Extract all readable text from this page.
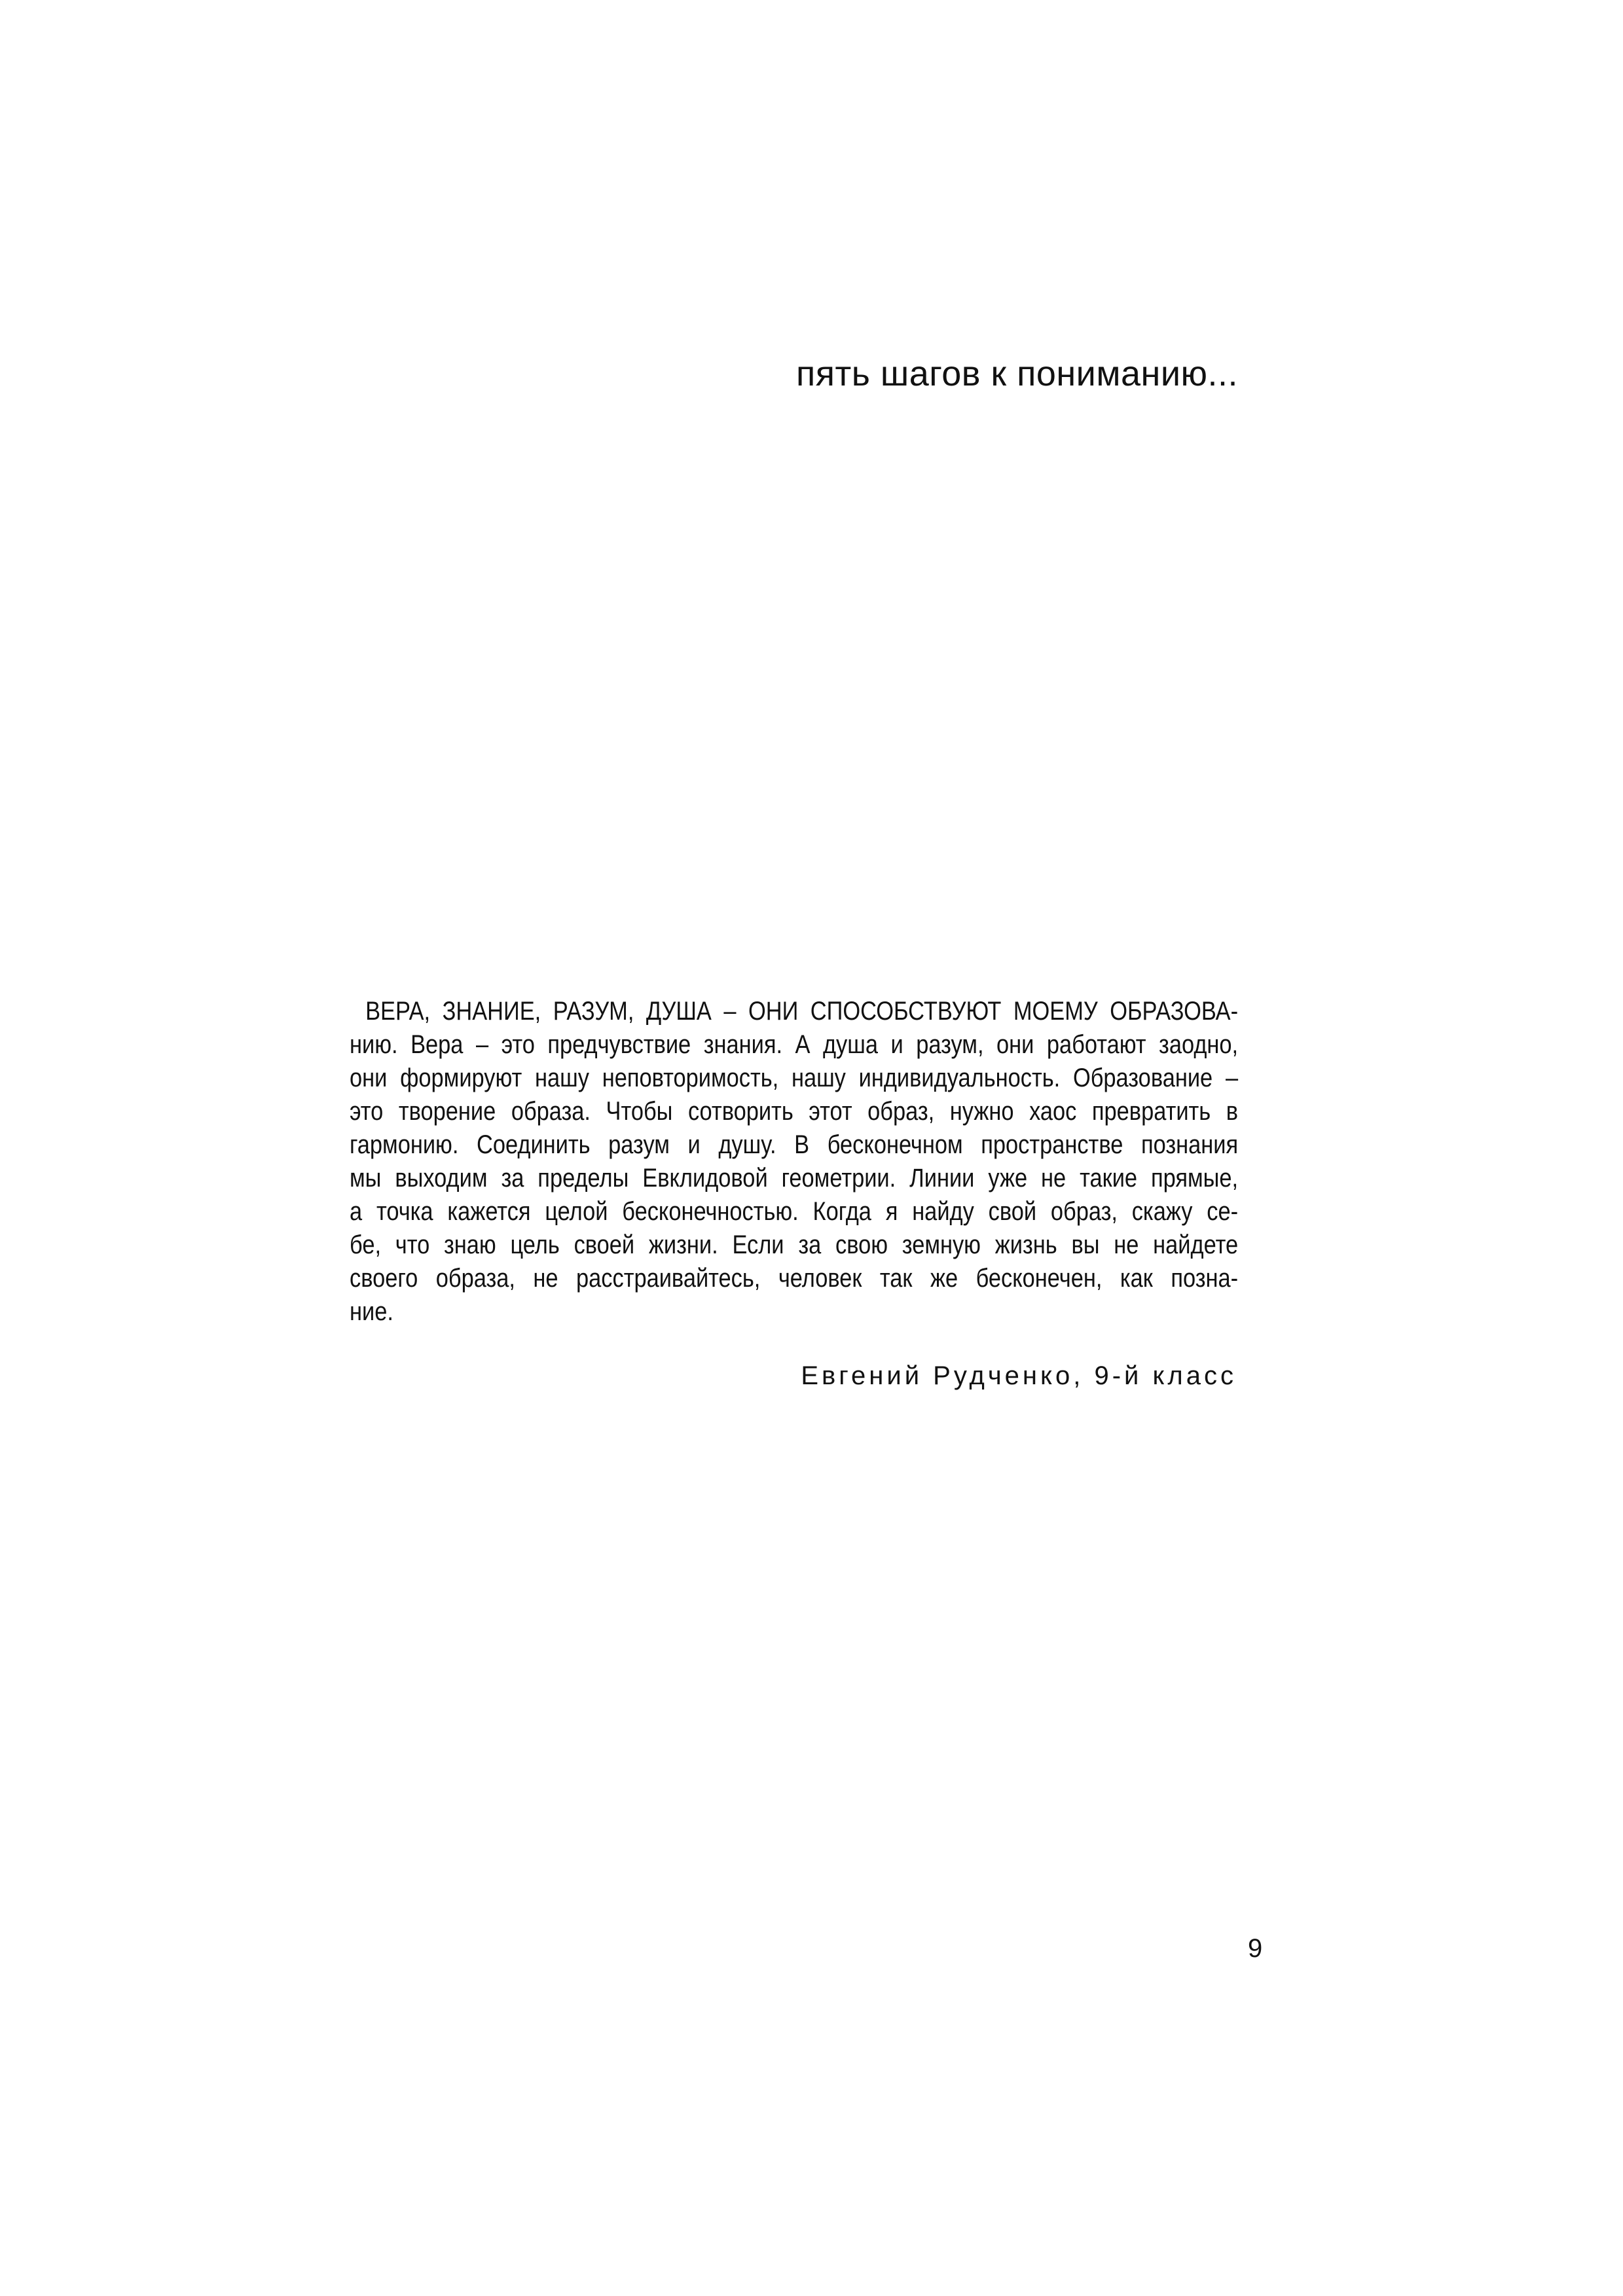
пять шагов к пониманию...
ВЕРА, ЗНАНИЕ, РАЗУМ, ДУША – ОНИ СПОСОБСТВУЮТ МОЕМУ ОБРАЗОВА-
нию. Вера – это предчувствие знания. А душа и разум, они работают заодно,
они формируют нашу неповторимость, нашу индивидуальность. Образование –
это творение образа. Чтобы сотворить этот образ, нужно хаос превратить в
гармонию. Соединить разум и душу. В бесконечном пространстве познания
мы выходим за пределы Евклидовой геометрии. Линии уже не такие прямые,
а точка кажется целой бесконечностью. Когда я найду свой образ, скажу се-
бе, что знаю цель своей жизни. Если за свою земную жизнь вы не найдете
своего образа, не расстраивайтесь, человек так же бесконечен, как позна-
ние.

Евгений Рудченко, 9-й класс

9
